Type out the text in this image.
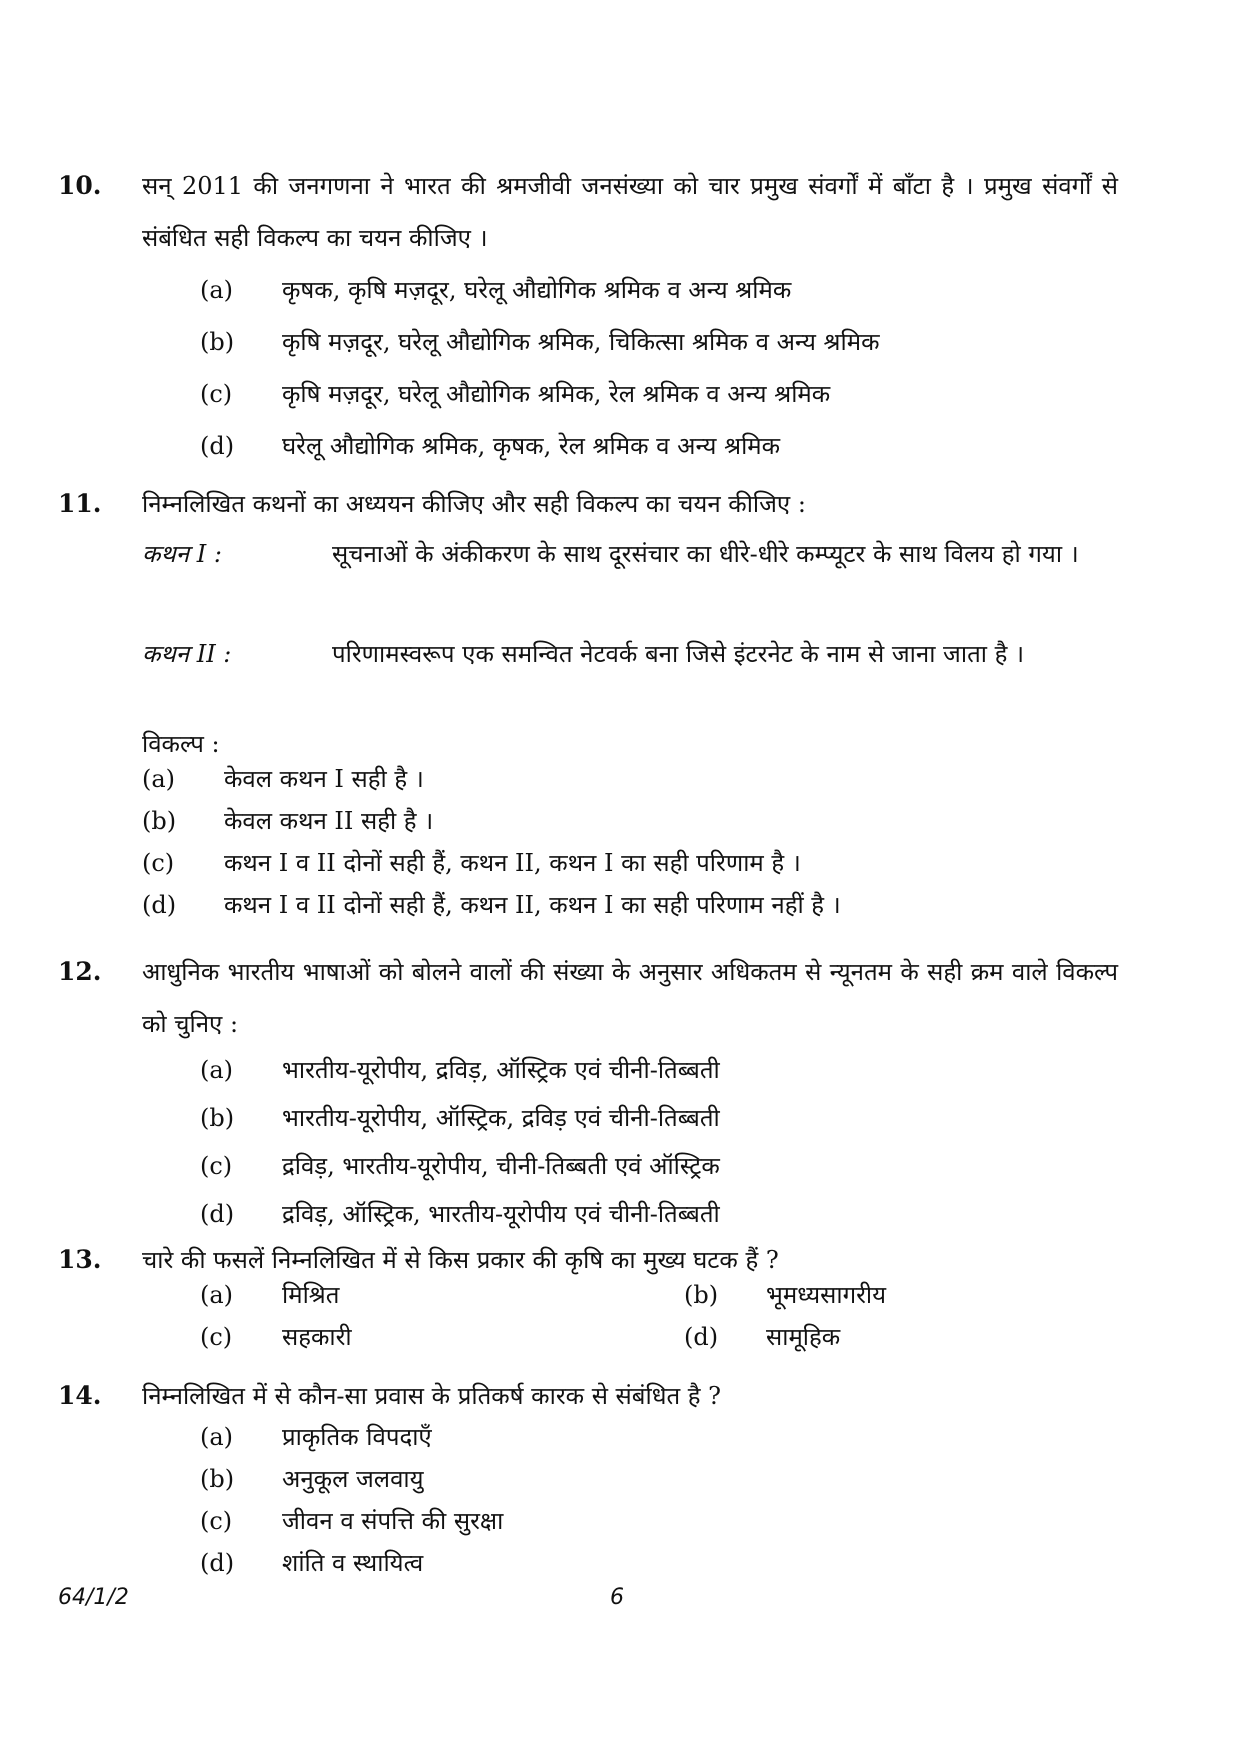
10. सन् 2011 की जनगणना ने भारत की श्रमजीवी जनसंख्या को चार प्रमुख संवर्गों में बाँटा है । प्रमुख संवर्गों से संबंधित सही विकल्प का चयन कीजिए ।
(a)	कृषक, कृषि मज़दूर, घरेलू औद्योगिक श्रमिक व अन्य श्रमिक
(b)	कृषि मज़दूर, घरेलू औद्योगिक श्रमिक, चिकित्सा श्रमिक व अन्य श्रमिक
(c)	कृषि मज़दूर, घरेलू औद्योगिक श्रमिक, रेल श्रमिक व अन्य श्रमिक
(d)	घरेलू औद्योगिक श्रमिक, कृषक, रेल श्रमिक व अन्य श्रमिक
11. निम्नलिखित कथनों का अध्ययन कीजिए और सही विकल्प का चयन कीजिए :
कथन I :	सूचनाओं के अंकीकरण के साथ दूरसंचार का धीरे-धीरे कम्प्यूटर के साथ विलय हो गया ।
कथन II :	परिणामस्वरूप एक समन्वित नेटवर्क बना जिसे इंटरनेट के नाम से जाना जाता है ।
विकल्प :
(a)	केवल कथन I सही है ।
(b)	केवल कथन II सही है ।
(c)	कथन I व II दोनों सही हैं, कथन II, कथन I का सही परिणाम है ।
(d)	कथन I व II दोनों सही हैं, कथन II, कथन I का सही परिणाम नहीं है ।
12. आधुनिक भारतीय भाषाओं को बोलने वालों की संख्या के अनुसार अधिकतम से न्यूनतम के सही क्रम वाले विकल्प को चुनिए :
(a)	भारतीय-यूरोपीय, द्रविड़, ऑस्ट्रिक एवं चीनी-तिब्बती
(b)	भारतीय-यूरोपीय, ऑस्ट्रिक, द्रविड़ एवं चीनी-तिब्बती
(c)	द्रविड़, भारतीय-यूरोपीय, चीनी-तिब्बती एवं ऑस्ट्रिक
(d)	द्रविड़, ऑस्ट्रिक, भारतीय-यूरोपीय एवं चीनी-तिब्बती
13. चारे की फसलें निम्नलिखित में से किस प्रकार की कृषि का मुख्य घटक हैं ?
(a) मिश्रित	(b) भूमध्यसागरीय
(c) सहकारी	(d) सामूहिक
14. निम्नलिखित में से कौन-सा प्रवास के प्रतिकर्ष कारक से संबंधित है ?
(a)	प्राकृतिक विपदाएँ
(b)	अनुकूल जलवायु
(c)	जीवन व संपत्ति की सुरक्षा
(d)	शांति व स्थायित्व
64/1/2	6
